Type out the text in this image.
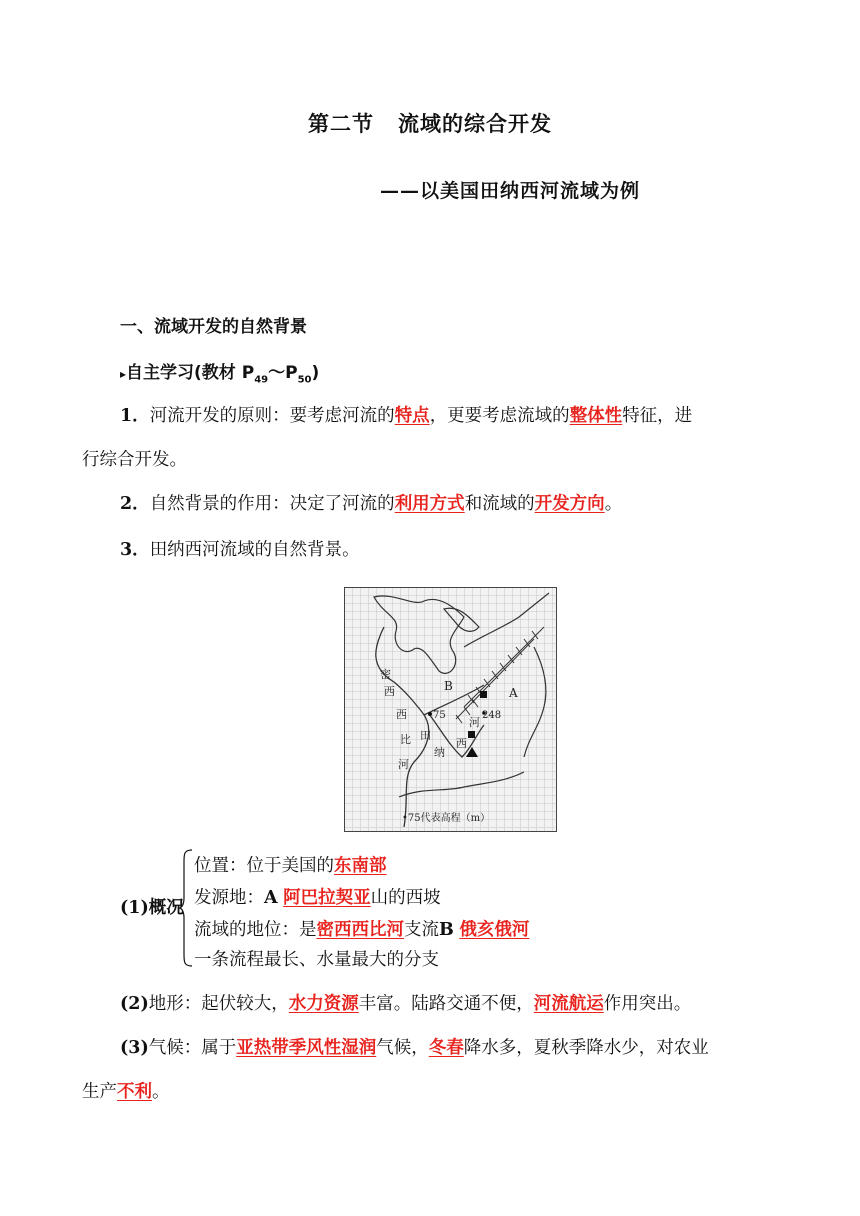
第二节 流域的综合开发
——以美国田纳西河流域为例
一、流域开发的自然背景
▸自主学习(教材 $P_{49}\sim P_{50}$)
1．河流开发的原则：要考虑河流的特点，更要考虑流域的整体性特征，进
行综合开发。
2．自然背景的作用：决定了河流的利用方式和流域的开发方向。
3．田纳西河流域的自然背景。
密
西
西
比
河
B	A
75	248
田
纳
西
河
•75代表高程（m）
(1)概况
位置：位于美国的东南部
发源地：A 阿巴拉契亚山的西坡
流域的地位：是密西西比河支流B 俄亥俄河
一条流程最长、水量最大的分支
(2)地形：起伏较大，水力资源丰富。陆路交通不便，河流航运作用突出。
(3)气候：属于亚热带季风性湿润气候，冬春降水多，夏秋季降水少，对农业
生产不利。
